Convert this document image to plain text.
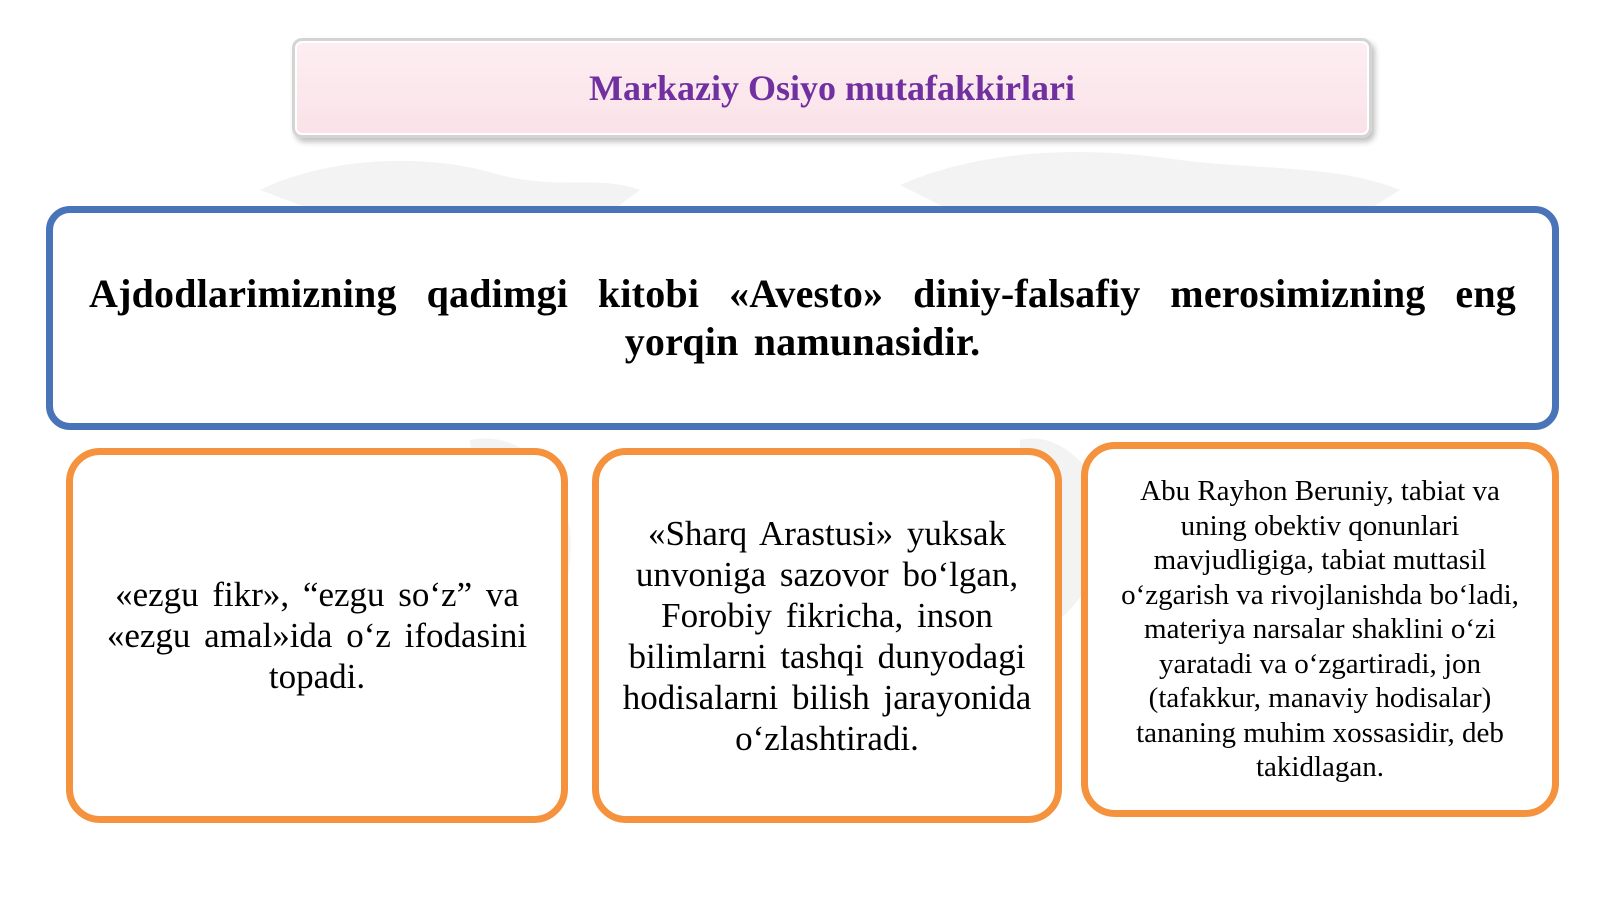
Markaziy Osiyo mutafakkirlari

Ajdodlarimizning qadimgi kitobi «Avesto» diniy-falsafiy merosimizning eng yorqin namunasidir.

«ezgu fikr», “ezgu so‘z” va «ezgu amal»ida o‘z ifodasini topadi.

«Sharq Arastusi» yuksak unvoniga sazovor bo‘lgan, Forobiy fikricha, inson bilimlarni tashqi dunyodagi hodisalarni bilish jarayonida o‘zlashtiradi.

Abu Rayhon Beruniy, tabiat va uning obektiv qonunlari mavjudligiga, tabiat muttasil o‘zgarish va rivojlanishda bo‘ladi, materiya narsalar shaklini o‘zi yaratadi va o‘zgartiradi, jon (tafakkur, manaviy hodisalar) tananing muhim xossasidir, deb takidlagan.
